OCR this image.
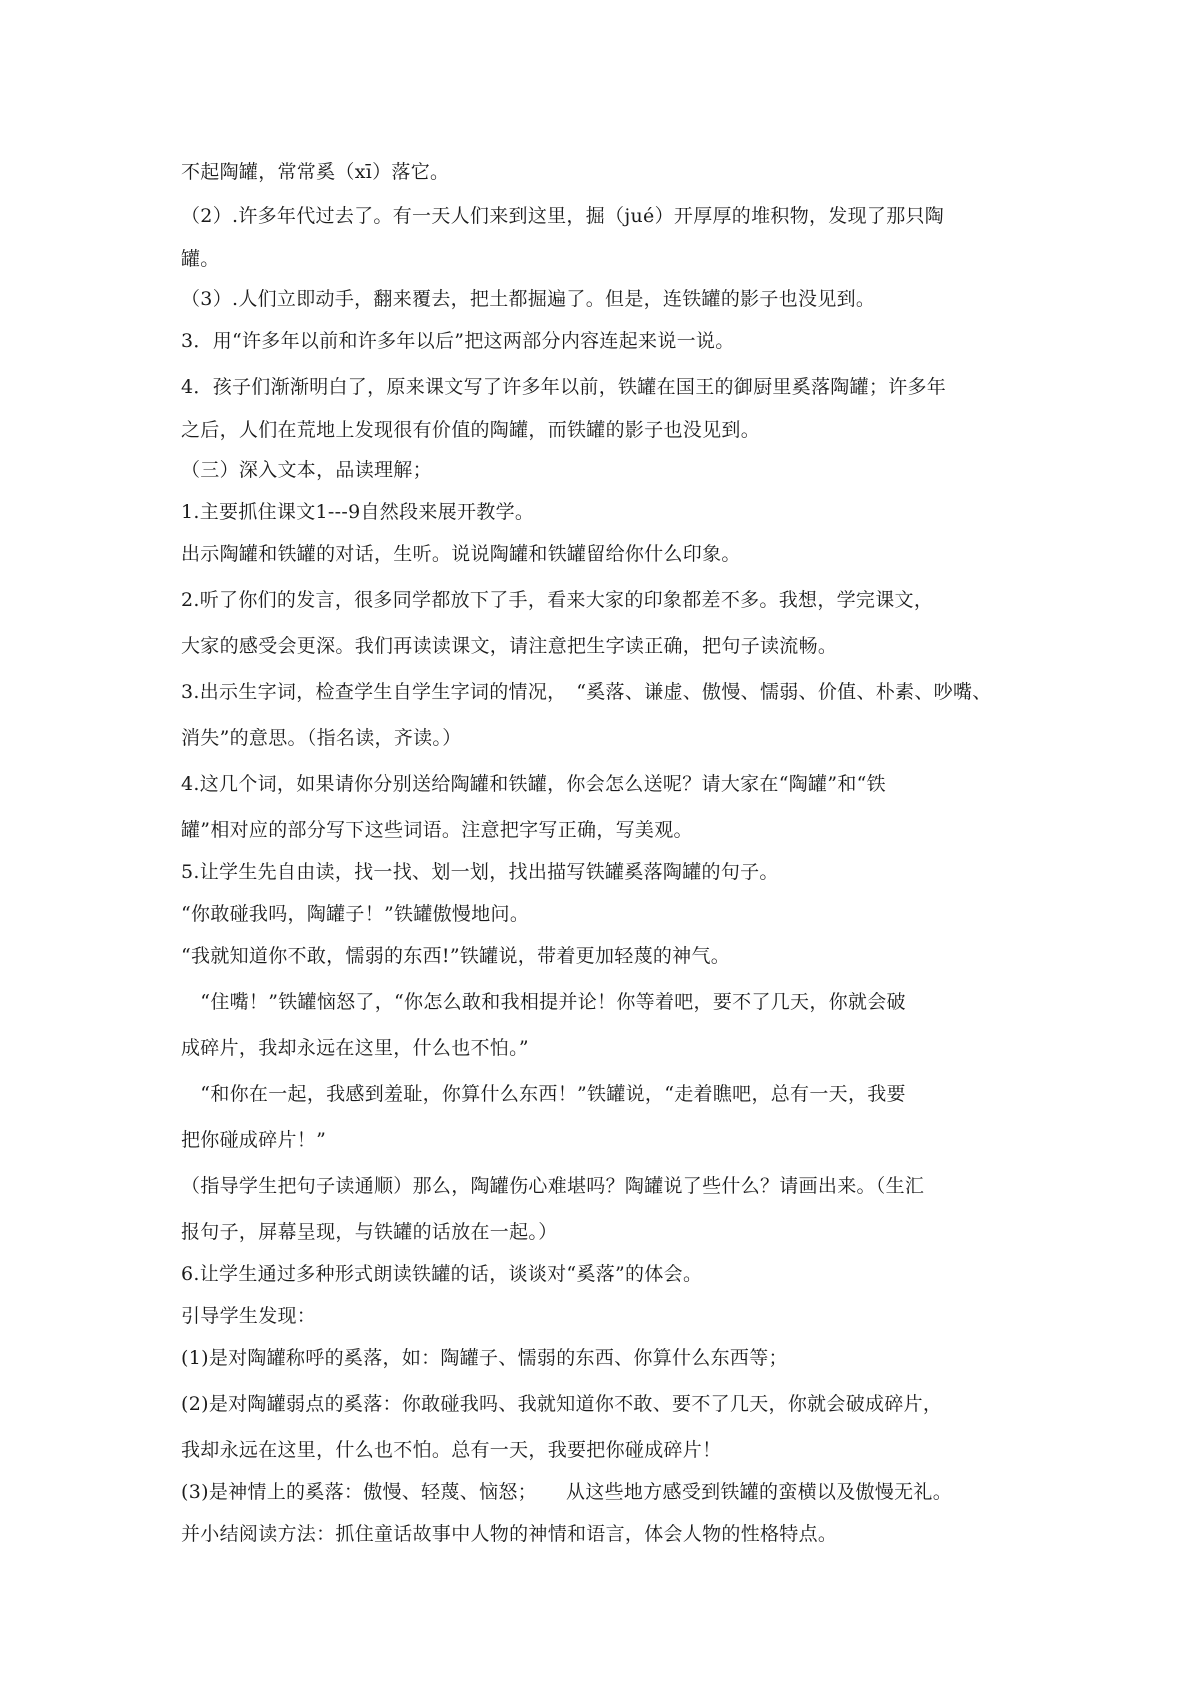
不起陶罐，常常奚（xī）落它。

（2）.许多年代过去了。有一天人们来到这里，掘（jué）开厚厚的堆积物，发现了那只陶

罐。

（3）.人们立即动手，翻来覆去，把土都掘遍了。但是，连铁罐的影子也没见到。

3．用“许多年以前和许多年以后”把这两部分内容连起来说一说。

4．孩子们渐渐明白了，原来课文写了许多年以前，铁罐在国王的御厨里奚落陶罐；许多年

之后，人们在荒地上发现很有价值的陶罐，而铁罐的影子也没见到。

（三）深入文本，品读理解；

1.主要抓住课文1---9自然段来展开教学。

出示陶罐和铁罐的对话，生听。说说陶罐和铁罐留给你什么印象。

2.听了你们的发言，很多同学都放下了手，看来大家的印象都差不多。我想，学完课文，

大家的感受会更深。我们再读读课文，请注意把生字读正确，把句子读流畅。

3.出示生字词，检查学生自学生字词的情况，　“奚落、谦虚、傲慢、懦弱、价值、朴素、吵嘴、

消失”的意思。（指名读，齐读。）

4.这几个词，如果请你分别送给陶罐和铁罐，你会怎么送呢？请大家在“陶罐”和“铁

罐”相对应的部分写下这些词语。注意把字写正确，写美观。

5.让学生先自由读，找一找、划一划，找出描写铁罐奚落陶罐的句子。

“你敢碰我吗，陶罐子！”铁罐傲慢地问。

“我就知道你不敢，懦弱的东西!”铁罐说，带着更加轻蔑的神气。

　“住嘴！”铁罐恼怒了，“你怎么敢和我相提并论！你等着吧，要不了几天，你就会破

成碎片，我却永远在这里，什么也不怕。”

　“和你在一起，我感到羞耻，你算什么东西！”铁罐说，“走着瞧吧，总有一天，我要

把你碰成碎片！”

（指导学生把句子读通顺）那么，陶罐伤心难堪吗？陶罐说了些什么？请画出来。（生汇

报句子，屏幕呈现，与铁罐的话放在一起。）

6.让学生通过多种形式朗读铁罐的话，谈谈对“奚落”的体会。

引导学生发现：

(1)是对陶罐称呼的奚落，如：陶罐子、懦弱的东西、你算什么东西等；

(2)是对陶罐弱点的奚落：你敢碰我吗、我就知道你不敢、要不了几天，你就会破成碎片，

我却永远在这里，什么也不怕。总有一天，我要把你碰成碎片！

(3)是神情上的奚落：傲慢、轻蔑、恼怒；　　从这些地方感受到铁罐的蛮横以及傲慢无礼。

并小结阅读方法：抓住童话故事中人物的神情和语言，体会人物的性格特点。
